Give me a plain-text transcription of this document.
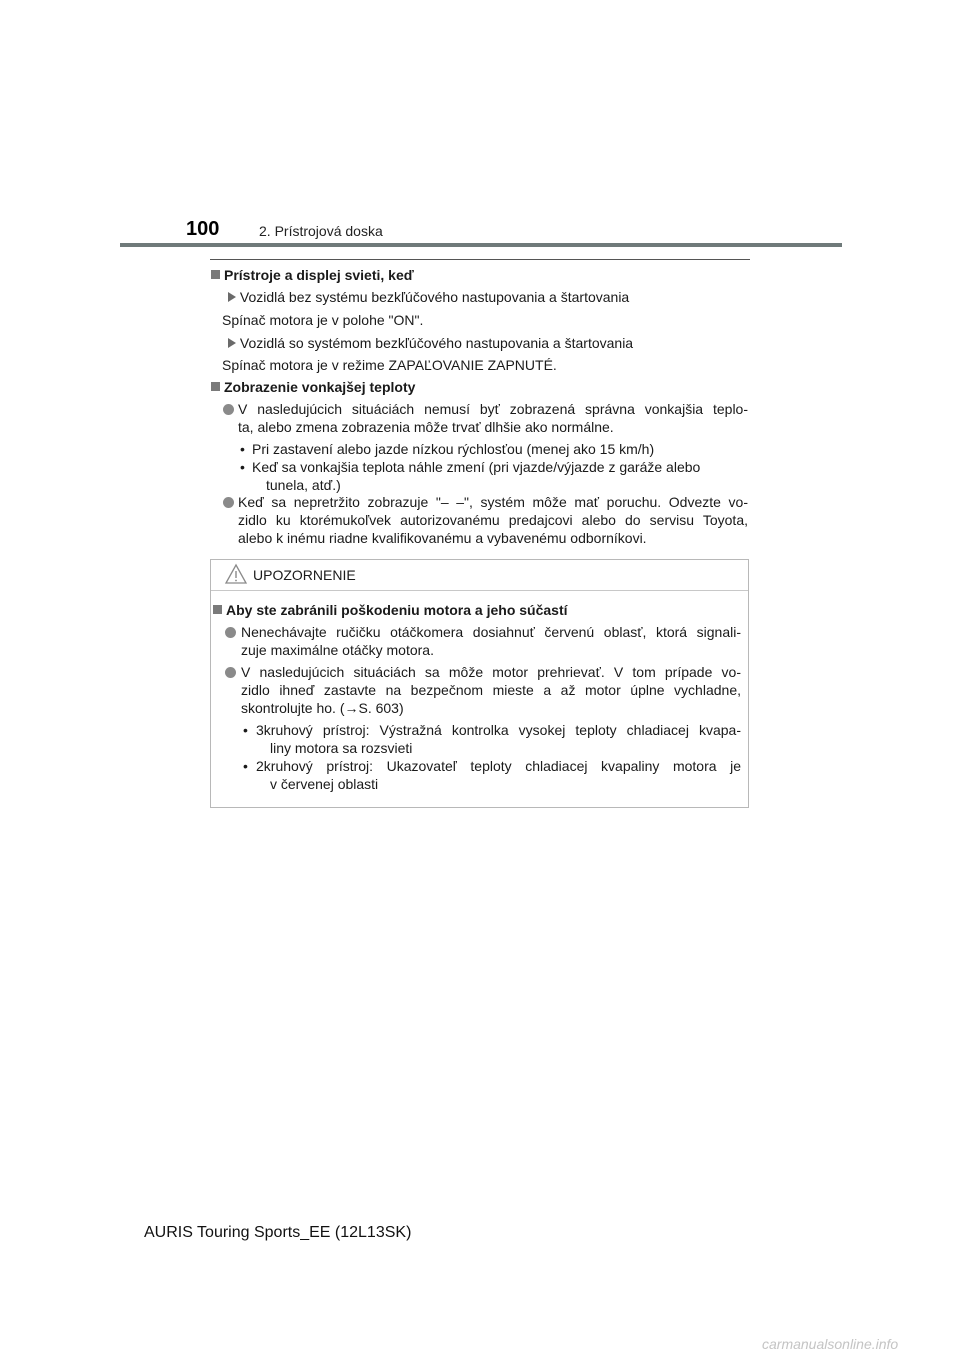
100	2. Prístrojová doska
Prístroje a displej svieti, keď
Vozidlá bez systému bezkľúčového nastupovania a štartovania
Spínač motora je v polohe "ON".
Vozidlá so systémom bezkľúčového nastupovania a štartovania
Spínač motora je v režime ZAPAĽOVANIE ZAPNUTÉ.
Zobrazenie vonkajšej teploty
V nasledujúcich situáciách nemusí byť zobrazená správna vonkajšia teplo-
ta, alebo zmena zobrazenia môže trvať dlhšie ako normálne.
• Pri zastavení alebo jazde nízkou rýchlosťou (menej ako 15 km/h)
• Keď sa vonkajšia teplota náhle zmení (pri vjazde/výjazde z garáže alebo
tunela, atď.)
Keď sa nepretržito zobrazuje "– –", systém môže mať poruchu. Odvezte vo-
zidlo ku ktorémukoľvek autorizovanému predajcovi alebo do servisu Toyota,
alebo k inému riadne kvalifikovanému a vybavenému odborníkovi.
UPOZORNENIE
Aby ste zabránili poškodeniu motora a jeho súčastí
Nenechávajte ručičku otáčkomera dosiahnuť červenú oblasť, ktorá signali-
zuje maximálne otáčky motora.
V nasledujúcich situáciách sa môže motor prehrievať. V tom prípade vo-
zidlo ihneď zastavte na bezpečnom mieste a až motor úplne vychladne,
skontrolujte ho. (→S. 603)
• 3kruhový prístroj: Výstražná kontrolka vysokej teploty chladiacej kvapa-
liny motora sa rozsvieti
• 2kruhový prístroj: Ukazovateľ teploty chladiacej kvapaliny motora je
v červenej oblasti
AURIS Touring Sports_EE (12L13SK)
carmanualsonline.info
